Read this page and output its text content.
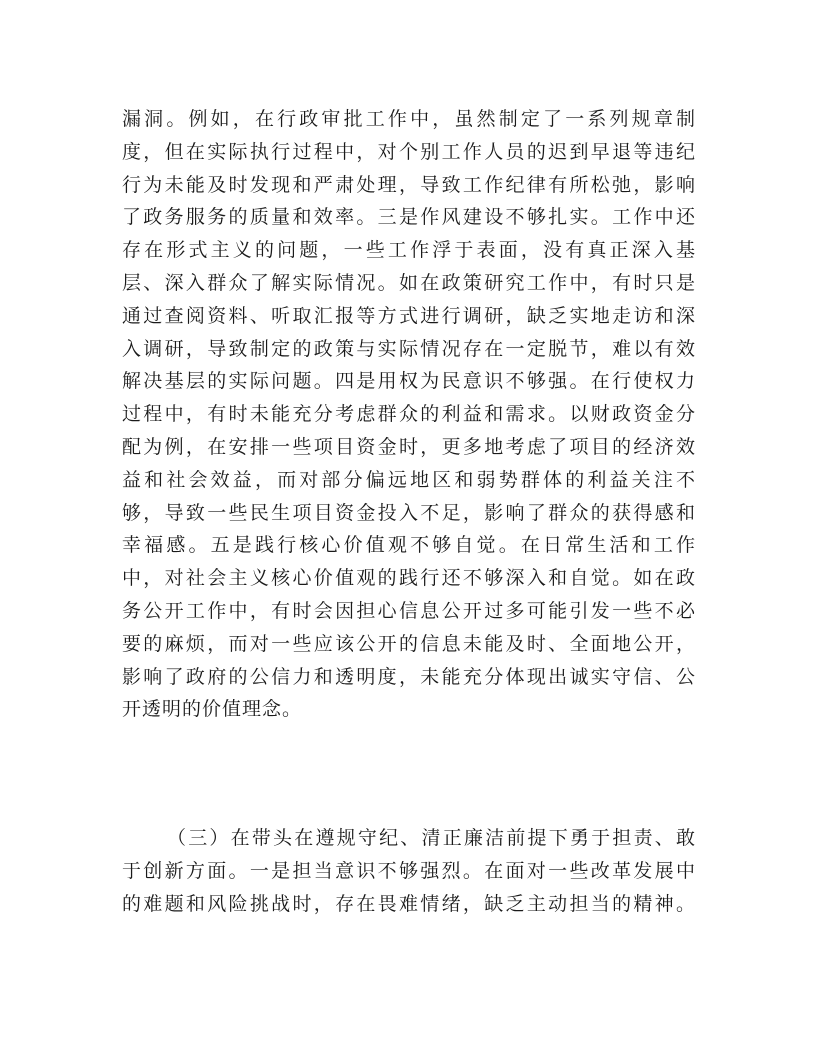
漏洞。例如，在行政审批工作中，虽然制定了一系列规章制
度，但在实际执行过程中，对个别工作人员的迟到早退等违纪
行为未能及时发现和严肃处理，导致工作纪律有所松弛，影响
了政务服务的质量和效率。三是作风建设不够扎实。工作中还
存在形式主义的问题，一些工作浮于表面，没有真正深入基
层、深入群众了解实际情况。如在政策研究工作中，有时只是
通过查阅资料、听取汇报等方式进行调研，缺乏实地走访和深
入调研，导致制定的政策与实际情况存在一定脱节，难以有效
解决基层的实际问题。四是用权为民意识不够强。在行使权力
过程中，有时未能充分考虑群众的利益和需求。以财政资金分
配为例，在安排一些项目资金时，更多地考虑了项目的经济效
益和社会效益，而对部分偏远地区和弱势群体的利益关注不
够，导致一些民生项目资金投入不足，影响了群众的获得感和
幸福感。五是践行核心价值观不够自觉。在日常生活和工作
中，对社会主义核心价值观的践行还不够深入和自觉。如在政
务公开工作中，有时会因担心信息公开过多可能引发一些不必
要的麻烦，而对一些应该公开的信息未能及时、全面地公开，
影响了政府的公信力和透明度，未能充分体现出诚实守信、公
开透明的价值理念。
（三）在带头在遵规守纪、清正廉洁前提下勇于担责、敢
于创新方面。一是担当意识不够强烈。在面对一些改革发展中
的难题和风险挑战时，存在畏难情绪，缺乏主动担当的精神。
